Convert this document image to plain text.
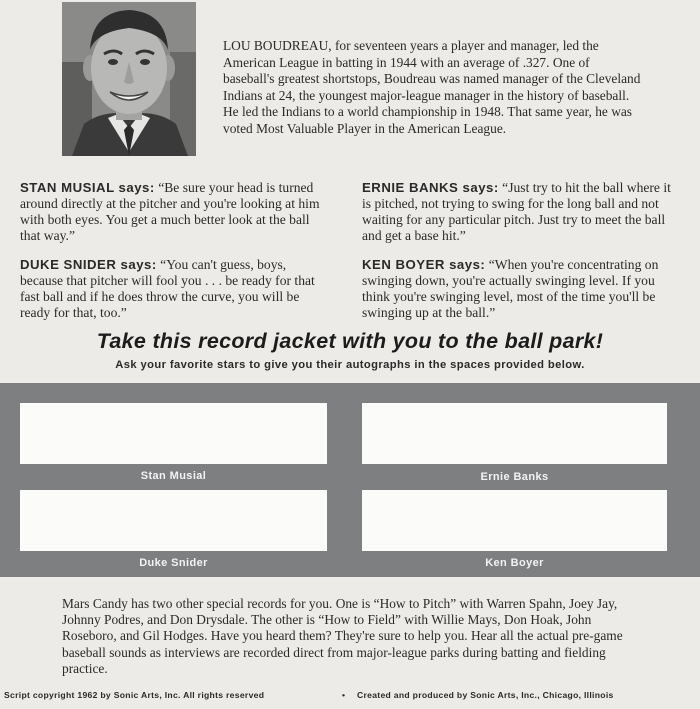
LOU BOUDREAU, for seventeen years a player and manager, led the American League in batting in 1944 with an average of .327. One of baseball's greatest shortstops, Boudreau was named manager of the Cleveland Indians at 24, the youngest major-league manager in the history of baseball. He led the Indians to a world championship in 1948. That same year, he was voted Most Valuable Player in the American League.
STAN MUSIAL says: “Be sure your head is turned around directly at the pitcher and you're looking at him with both eyes. You get a much better look at the ball that way.”
ERNIE BANKS says: “Just try to hit the ball where it is pitched, not trying to swing for the long ball and not waiting for any particular pitch. Just try to meet the ball and get a base hit.”
DUKE SNIDER says: “You can't guess, boys, because that pitcher will fool you . . . be ready for that fast ball and if he does throw the curve, you will be ready for that, too.”
KEN BOYER says: “When you're concentrating on swinging down, you're actually swinging level. If you think you're swinging level, most of the time you'll be swinging up at the ball.”
Take this record jacket with you to the ball park!
Ask your favorite stars to give you their autographs in the spaces provided below.
Stan Musial	Ernie Banks
Duke Snider	Ken Boyer
Mars Candy has two other special records for you. One is “How to Pitch” with Warren Spahn, Joey Jay, Johnny Podres, and Don Drysdale. The other is “How to Field” with Willie Mays, Don Hoak, John Roseboro, and Gil Hodges. Have you heard them? They're sure to help you. Hear all the actual pre-game baseball sounds as interviews are recorded direct from major-league parks during batting and fielding practice.
Script copyright 1962 by Sonic Arts, Inc. All rights reserved	• Created and produced by Sonic Arts, Inc., Chicago, Illinois
